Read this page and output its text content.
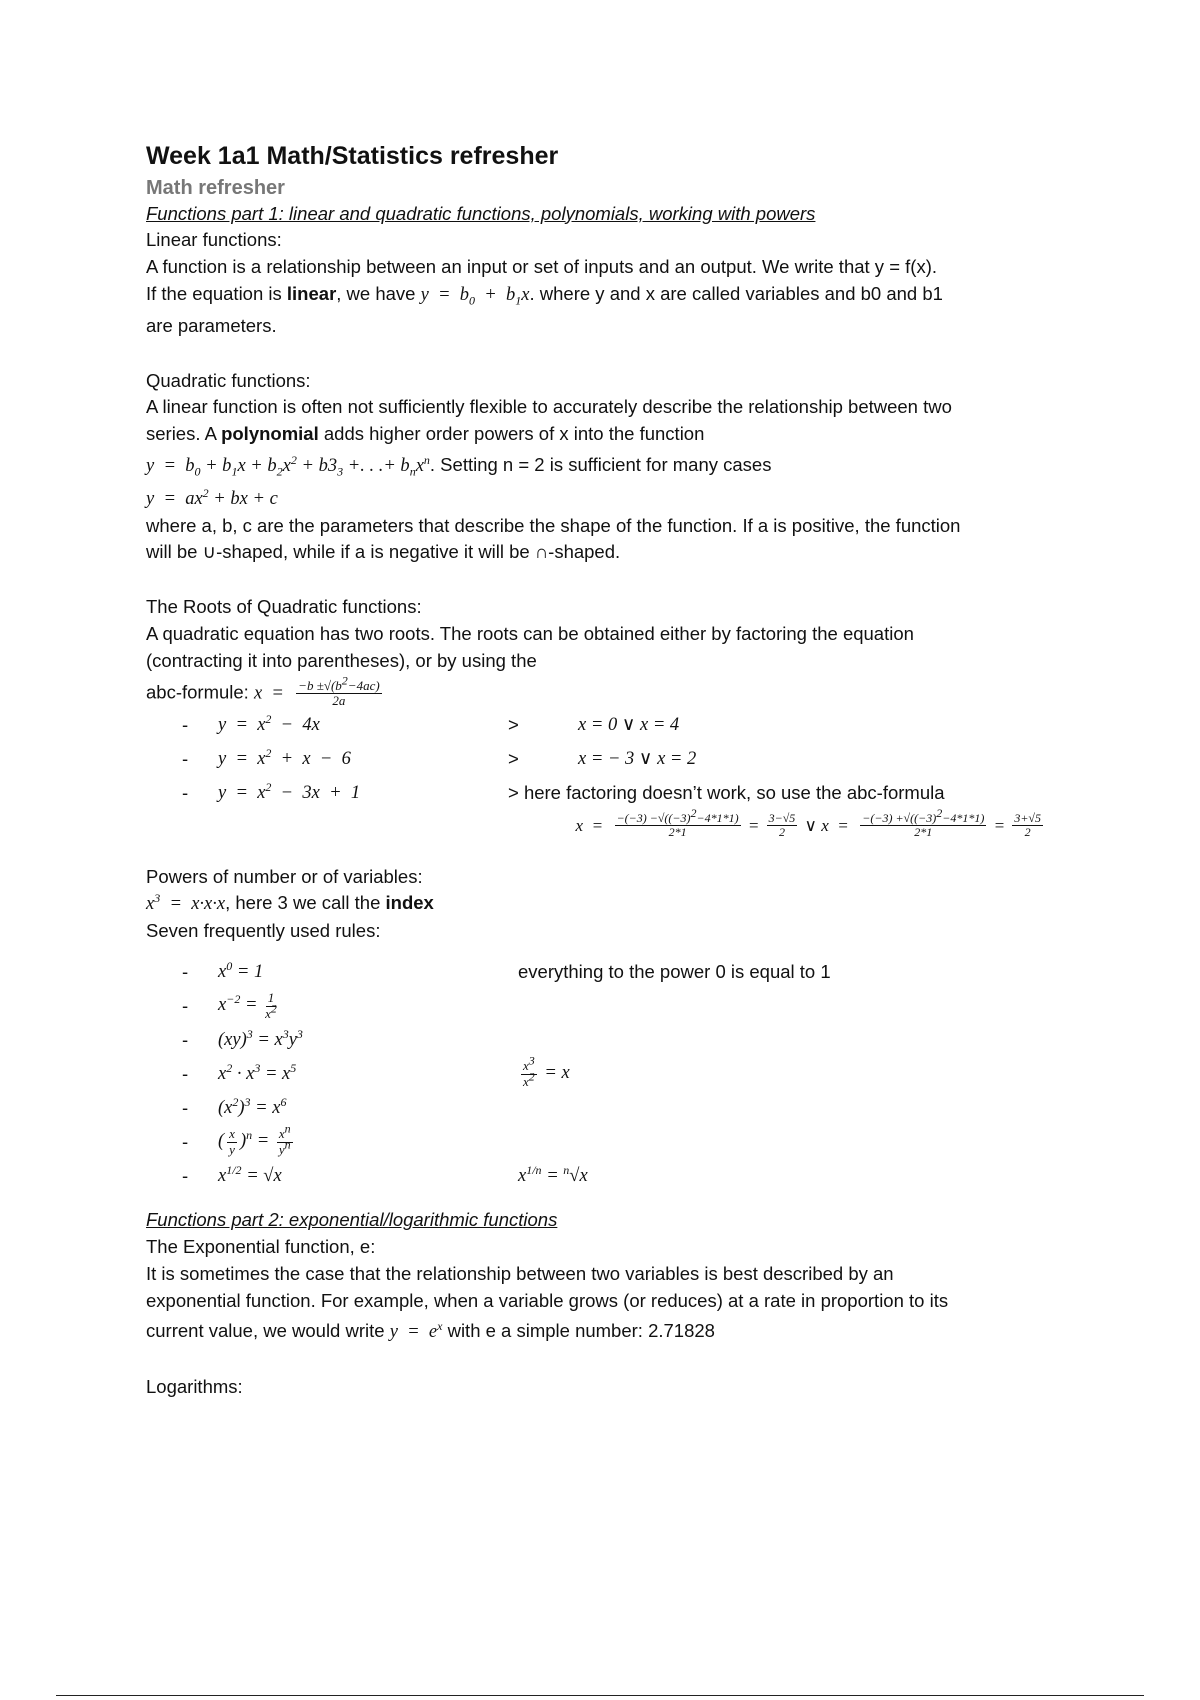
Week 1a1 Math/Statistics refresher
Math refresher

Functions part 1: linear and quadratic functions, polynomials, working with powers

Linear functions:

A function is a relationship between an input or set of inputs and an output. We write that y = f(x).

If the equation is linear, we have $y = b_0 + b_1x$. where y and x are called variables and b0 and b1

are parameters.

Quadratic functions:

A linear function is often not sufficiently flexible to accurately describe the relationship between two

series. A polynomial adds higher order powers of x into the function

$y = b_0 + b_1x + b_2x^2 + b3_3$ +. . .+ $b_nx^n$. Setting n = 2 is sufficient for many cases

$y = ax^2$ + bx + c

where a, b, c are the parameters that describe the shape of the function. If a is positive, the function

will be ∪-shaped, while if a is negative it will be ∩-shaped.

The Roots of Quadratic functions:

A quadratic equation has two roots. The roots can be obtained either by factoring the equation

(contracting it into parentheses), or by using the

abc-formule: $x = \frac{-b \pm√(b^2-4ac)}{2a}$

-	$y = x^2 - 4x$	>	x = 0 ∨ x = 4
-	$y = x^2 + x - 6$	>	x = − 3 ∨ x = 2
-	$y = x^2 - 3x + 1$	> here factoring doesn’t work, so use the abc-formula
$x = \frac{-(-3) -√((-3)^2-4*1*1)}{2*1} = \frac{3-√5}{2}$ ∨ $x = \frac{-(-3) +√((-3)^2-4*1*1)}{2*1} = \frac{3+√5}{2}$

Powers of number or of variables:

$x^3 = x\cdot x\cdot x$, here 3 we call the index

Seven frequently used rules:

-	$x^0 = 1$	everything to the power 0 is equal to 1
-	$x^{-2} = \frac{1}{x^2}$
-	$(xy)^3 = x^3y^3$
-	$x^2 \cdot x^3 = x^5$	$\frac{x^3}{x^2} = x$
-	$(x^2)^3 = x^6$
-	( $\frac{x}{y} )^n = \frac{x^n}{y^n}$
-	$x^{1/2} = √x$	$x^{1/n} = ^n√x$

Functions part 2: exponential/logarithmic functions

The Exponential function, e:

It is sometimes the case that the relationship between two variables is best described by an

exponential function. For example, when a variable grows (or reduces) at a rate in proportion to its

current value, we would write $y = e^x$ with e a simple number: 2.71828

Logarithms:
